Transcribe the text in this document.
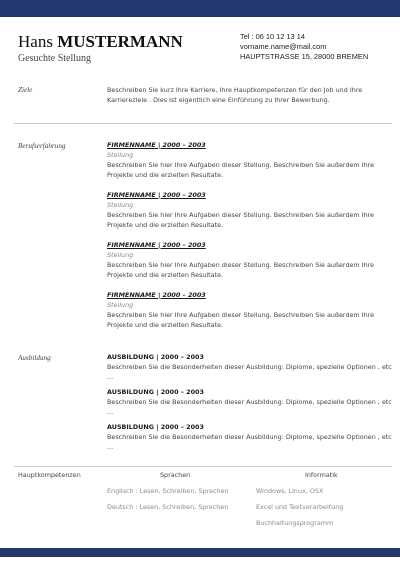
Hans MUSTERMANN
Gesuchte Stellung
Tel : 06 10 12 13 14
vorname.name@mail.com
HAUPTSTRASSE 15, 28000 BREMEN
Ziele	Beschreiben Sie kurz Ihre Karriere, Ihre Hauptkompetenzen für den Job und Ihre Karriereziele . Dies ist eigentlich eine Einführung zu Ihrer Bewerbung.
Berufserfahrung	FIRMENNAME | 2000 – 2003
Stellung
Beschreiben Sie hier Ihre Aufgaben dieser Stellung. Beschreiben Sie außerdem Ihre Projekte und die erzielten Resultate.
FIRMENNAME | 2000 – 2003
Stellung
Beschreiben Sie hier Ihre Aufgaben dieser Stellung. Beschreiben Sie außerdem Ihre Projekte und die erzielten Resultate.
FIRMENNAME | 2000 – 2003
Stellung
Beschreiben Sie hier Ihre Aufgaben dieser Stellung. Beschreiben Sie außerdem Ihre Projekte und die erzielten Resultate.
FIRMENNAME | 2000 – 2003
Stellung
Beschreiben Sie hier Ihre Aufgaben dieser Stellung. Beschreiben Sie außerdem Ihre Projekte und die erzielten Resultate.
Ausbildung	AUSBILDUNG | 2000 – 2003
Beschreiben Sie die Besonderheiten dieser Ausbildung: Diplome, spezielle Optionen , etc ...
AUSBILDUNG | 2000 – 2003
Beschreiben Sie die Besonderheiten dieser Ausbildung: Diplome, spezielle Optionen , etc ...
AUSBILDUNG | 2000 – 2003
Beschreiben Sie die Besonderheiten dieser Ausbildung: Diplome, spezielle Optionen , etc ...
Hauptkompetenzen	Sprachen
Englisch : Lesen, Schreiben, Sprechen
Deutsch : Lesen, Schreiben, Sprechen
Informatik
Windows, Linux, OSX
Excel und Textverarbeitung
Buchhaltungsprogramm
